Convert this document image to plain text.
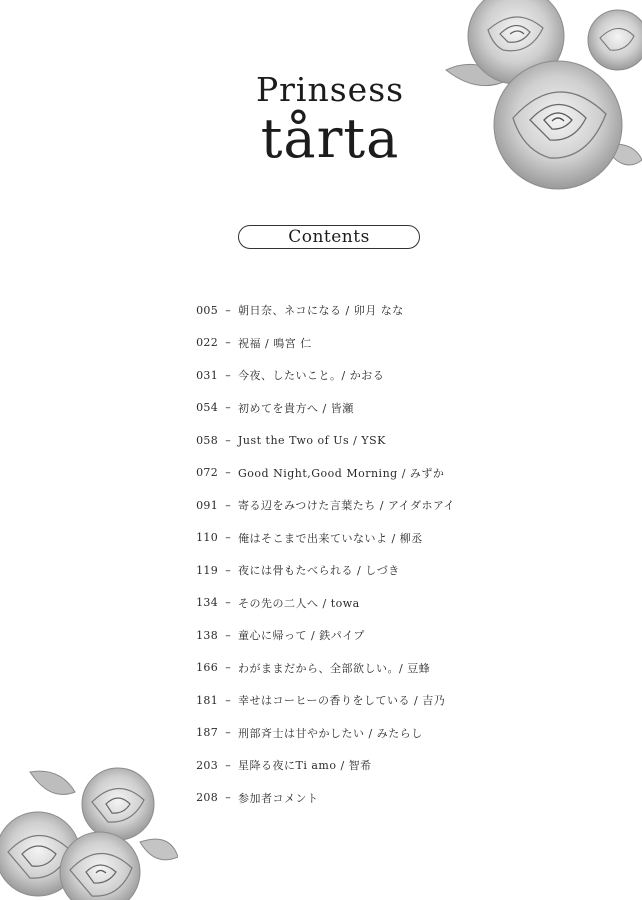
Prinsess
tårta
Contents
005 – 朝日奈、ネコになる / 卯月 なな
022 – 祝福 / 鳴宮 仁
031 – 今夜、したいこと。/ かおる
054 – 初めてを貴方へ / 皆瀬
058 – Just the Two of Us / YSK
072 – Good Night,Good Morning / みずか
091 – 寄る辺をみつけた言葉たち / アイダホアイ
110 – 俺はそこまで出来ていないよ / 柳丞
119 – 夜には骨もたべられる / しづき
134 – その先の二人へ / towa
138 – 童心に帰って / 鉄パイプ
166 – わがままだから、全部欲しい。/ 豆蜂
181 – 幸せはコーヒーの香りをしている / 吉乃
187 – 刑部斉士は甘やかしたい / みたらし
203 – 星降る夜にTi amo / 智希
208 – 参加者コメント
